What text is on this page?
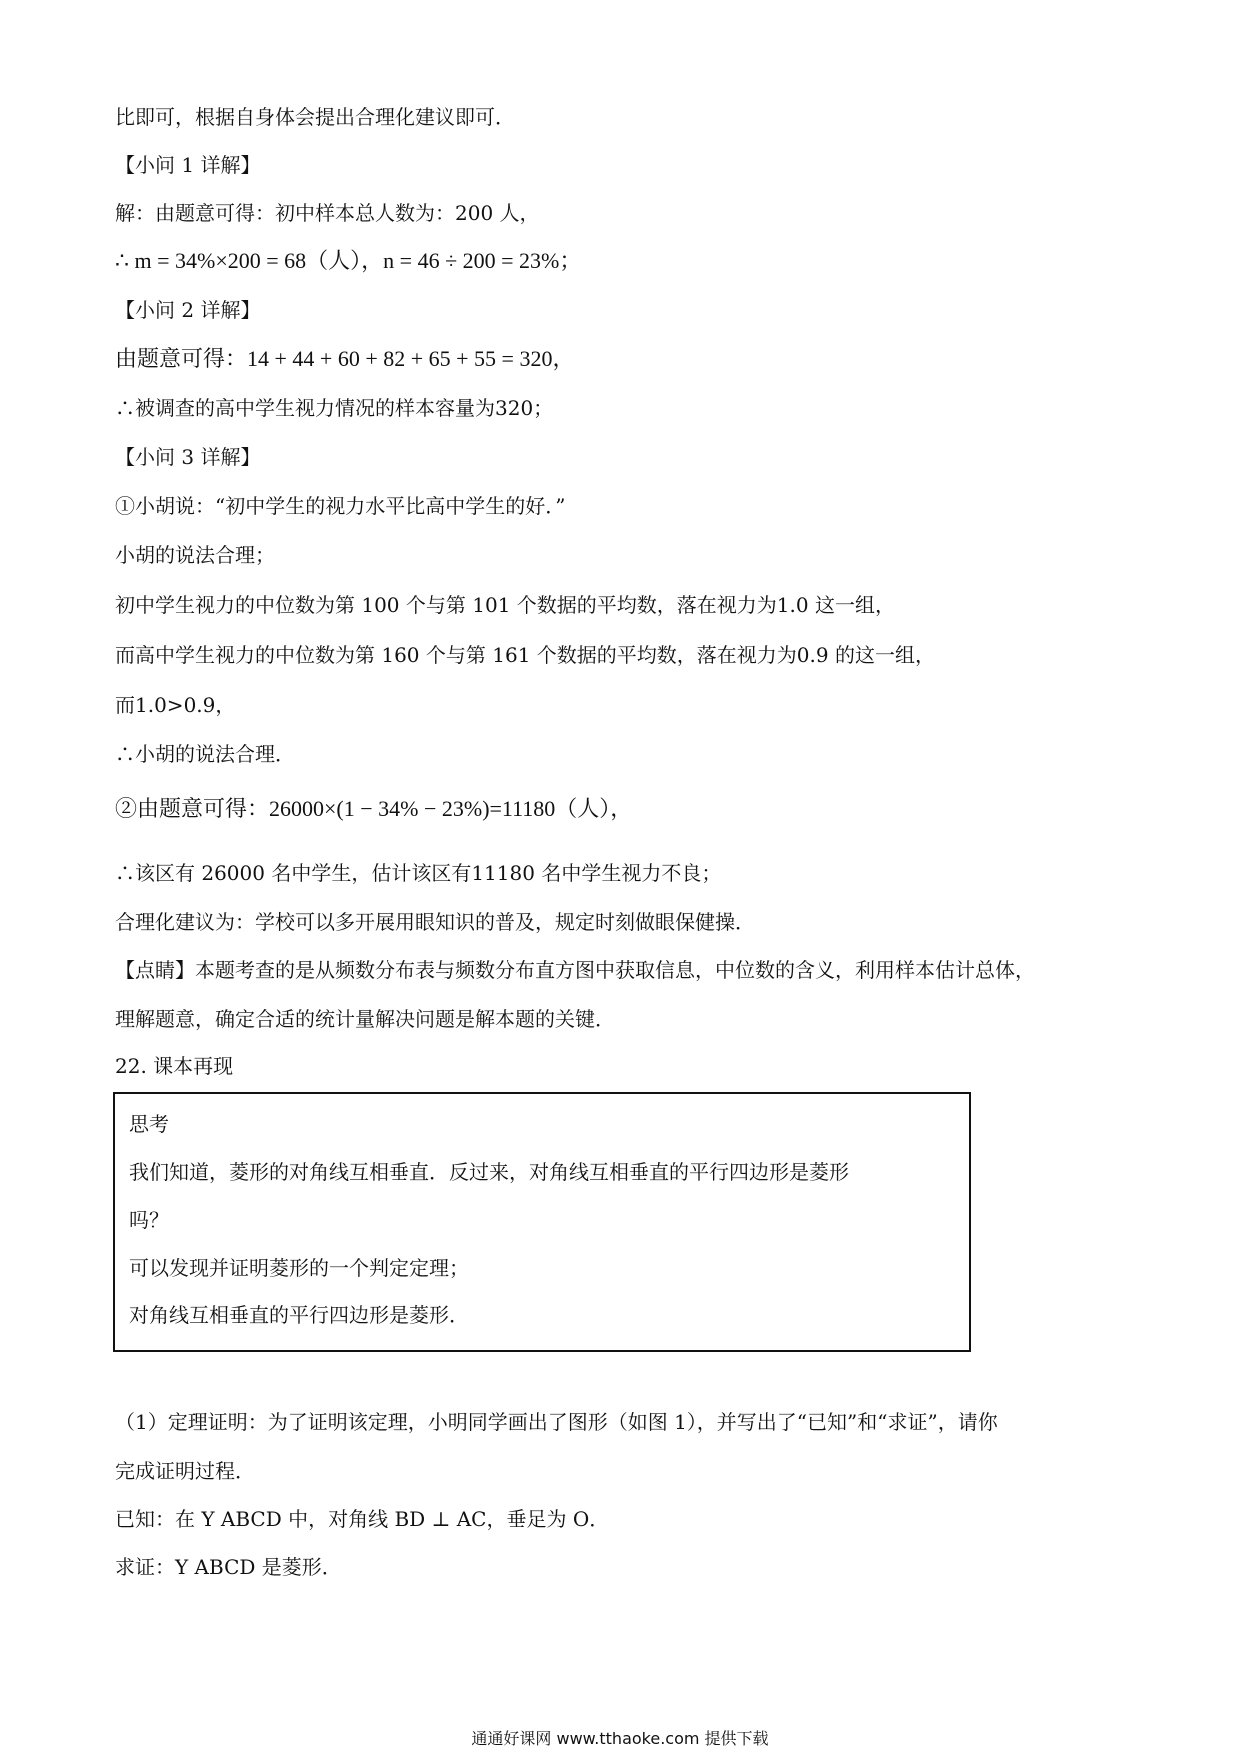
比即可，根据自身体会提出合理化建议即可．
【小问 1 详解】
解：由题意可得：初中样本总人数为：200 人，
∴ m = 34%×200 = 68（人），n = 46 ÷ 200 = 23%；
【小问 2 详解】
由题意可得：14 + 44 + 60 + 82 + 65 + 55 = 320，
∴被调查的高中学生视力情况的样本容量为320；
【小问 3 详解】
①小胡说：“初中学生的视力水平比高中学生的好．”
小胡的说法合理；
初中学生视力的中位数为第 100 个与第 101 个数据的平均数，落在视力为1.0 这一组，
而高中学生视力的中位数为第 160 个与第 161 个数据的平均数，落在视力为0.9 的这一组，
而1.0>0.9，
∴小胡的说法合理．
②由题意可得：26000×(1 − 34% − 23%)=11180（人），
∴该区有 26000 名中学生，估计该区有11180 名中学生视力不良；
合理化建议为：学校可以多开展用眼知识的普及，规定时刻做眼保健操．
【点睛】本题考查的是从频数分布表与频数分布直方图中获取信息，中位数的含义，利用样本估计总体，
理解题意，确定合适的统计量解决问题是解本题的关键．
22. 课本再现
思考
我们知道，菱形的对角线互相垂直．反过来，对角线互相垂直的平行四边形是菱形
吗？
可以发现并证明菱形的一个判定定理；
对角线互相垂直的平行四边形是菱形．
（1）定理证明：为了证明该定理，小明同学画出了图形（如图 1），并写出了“已知”和“求证”，请你
完成证明过程．
已知：在 Y ABCD 中，对角线 BD ⊥ AC，垂足为 O．
求证：Y ABCD 是菱形．
通通好课网 www.tthaoke.com 提供下载
